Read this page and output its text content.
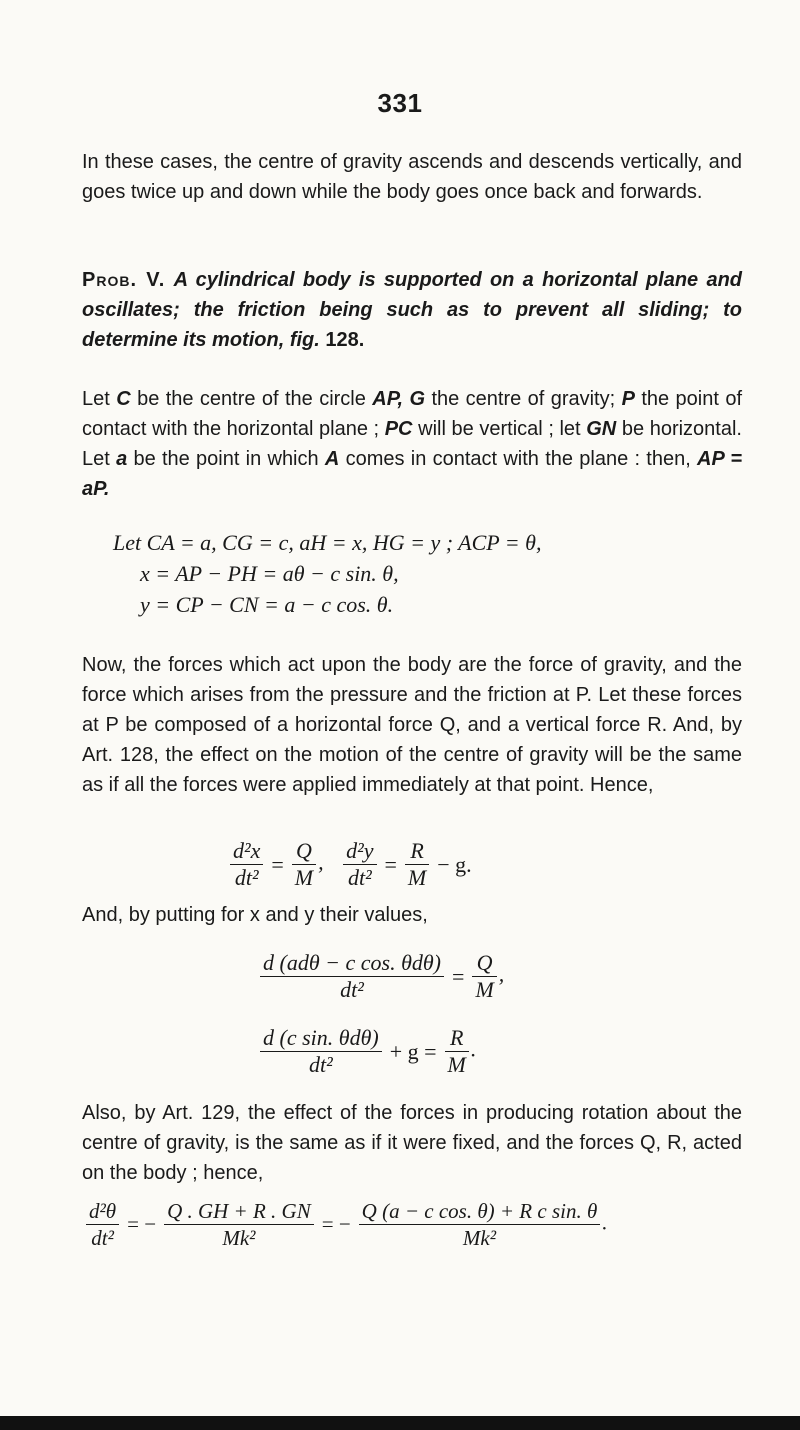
331
In these cases, the centre of gravity ascends and descends vertically, and goes twice up and down while the body goes once back and forwards.
Prob. V. A cylindrical body is supported on a horizontal plane and oscillates; the friction being such as to prevent all sliding; to determine its motion, fig. 128.
Let C be the centre of the circle AP, G the centre of gravity; P the point of contact with the horizontal plane ; PC will be vertical ; let GN be horizontal. Let a be the point in which A comes in contact with the plane : then, AP = aP.
Let CA = a, CG = c, aH = x, HG = y ; ACP = θ,
x = AP − PH = aθ − c sin. θ,
y = CP − CN = a − c cos. θ.
Now, the forces which act upon the body are the force of gravity, and the force which arises from the pressure and the friction at P. Let these forces at P be composed of a horizontal force Q, and a vertical force R. And, by Art. 128, the effect on the motion of the centre of gravity will be the same as if all the forces were applied immediately at that point. Hence,
$\frac{\text{d²x}}{\text{dt²}} = \frac{Q}{M}$ , $\frac{\text{d²y}}{\text{dt²}} = \frac{R}{M} - g$.
And, by putting for x and y their values,
$\frac{\text{d (adθ − c cos. θdθ)}}{\text{dt²}} = \frac{Q}{M}$ ,
$\frac{\text{d (c sin. θdθ)}}{\text{dt²}} + g = \frac{R}{M}$ .
Also, by Art. 129, the effect of the forces in producing rotation about the centre of gravity, is the same as if it were fixed, and the forces Q, R, acted on the body ; hence,
$\frac{\text{d²θ}}{\text{dt²}}$ = − $\frac{Q . GH + R . GN}{\text{Mk²}}$ = − $\frac{\text{Q (a − c cos. θ) + R c sin. θ}}{\text{Mk²}}$ .
